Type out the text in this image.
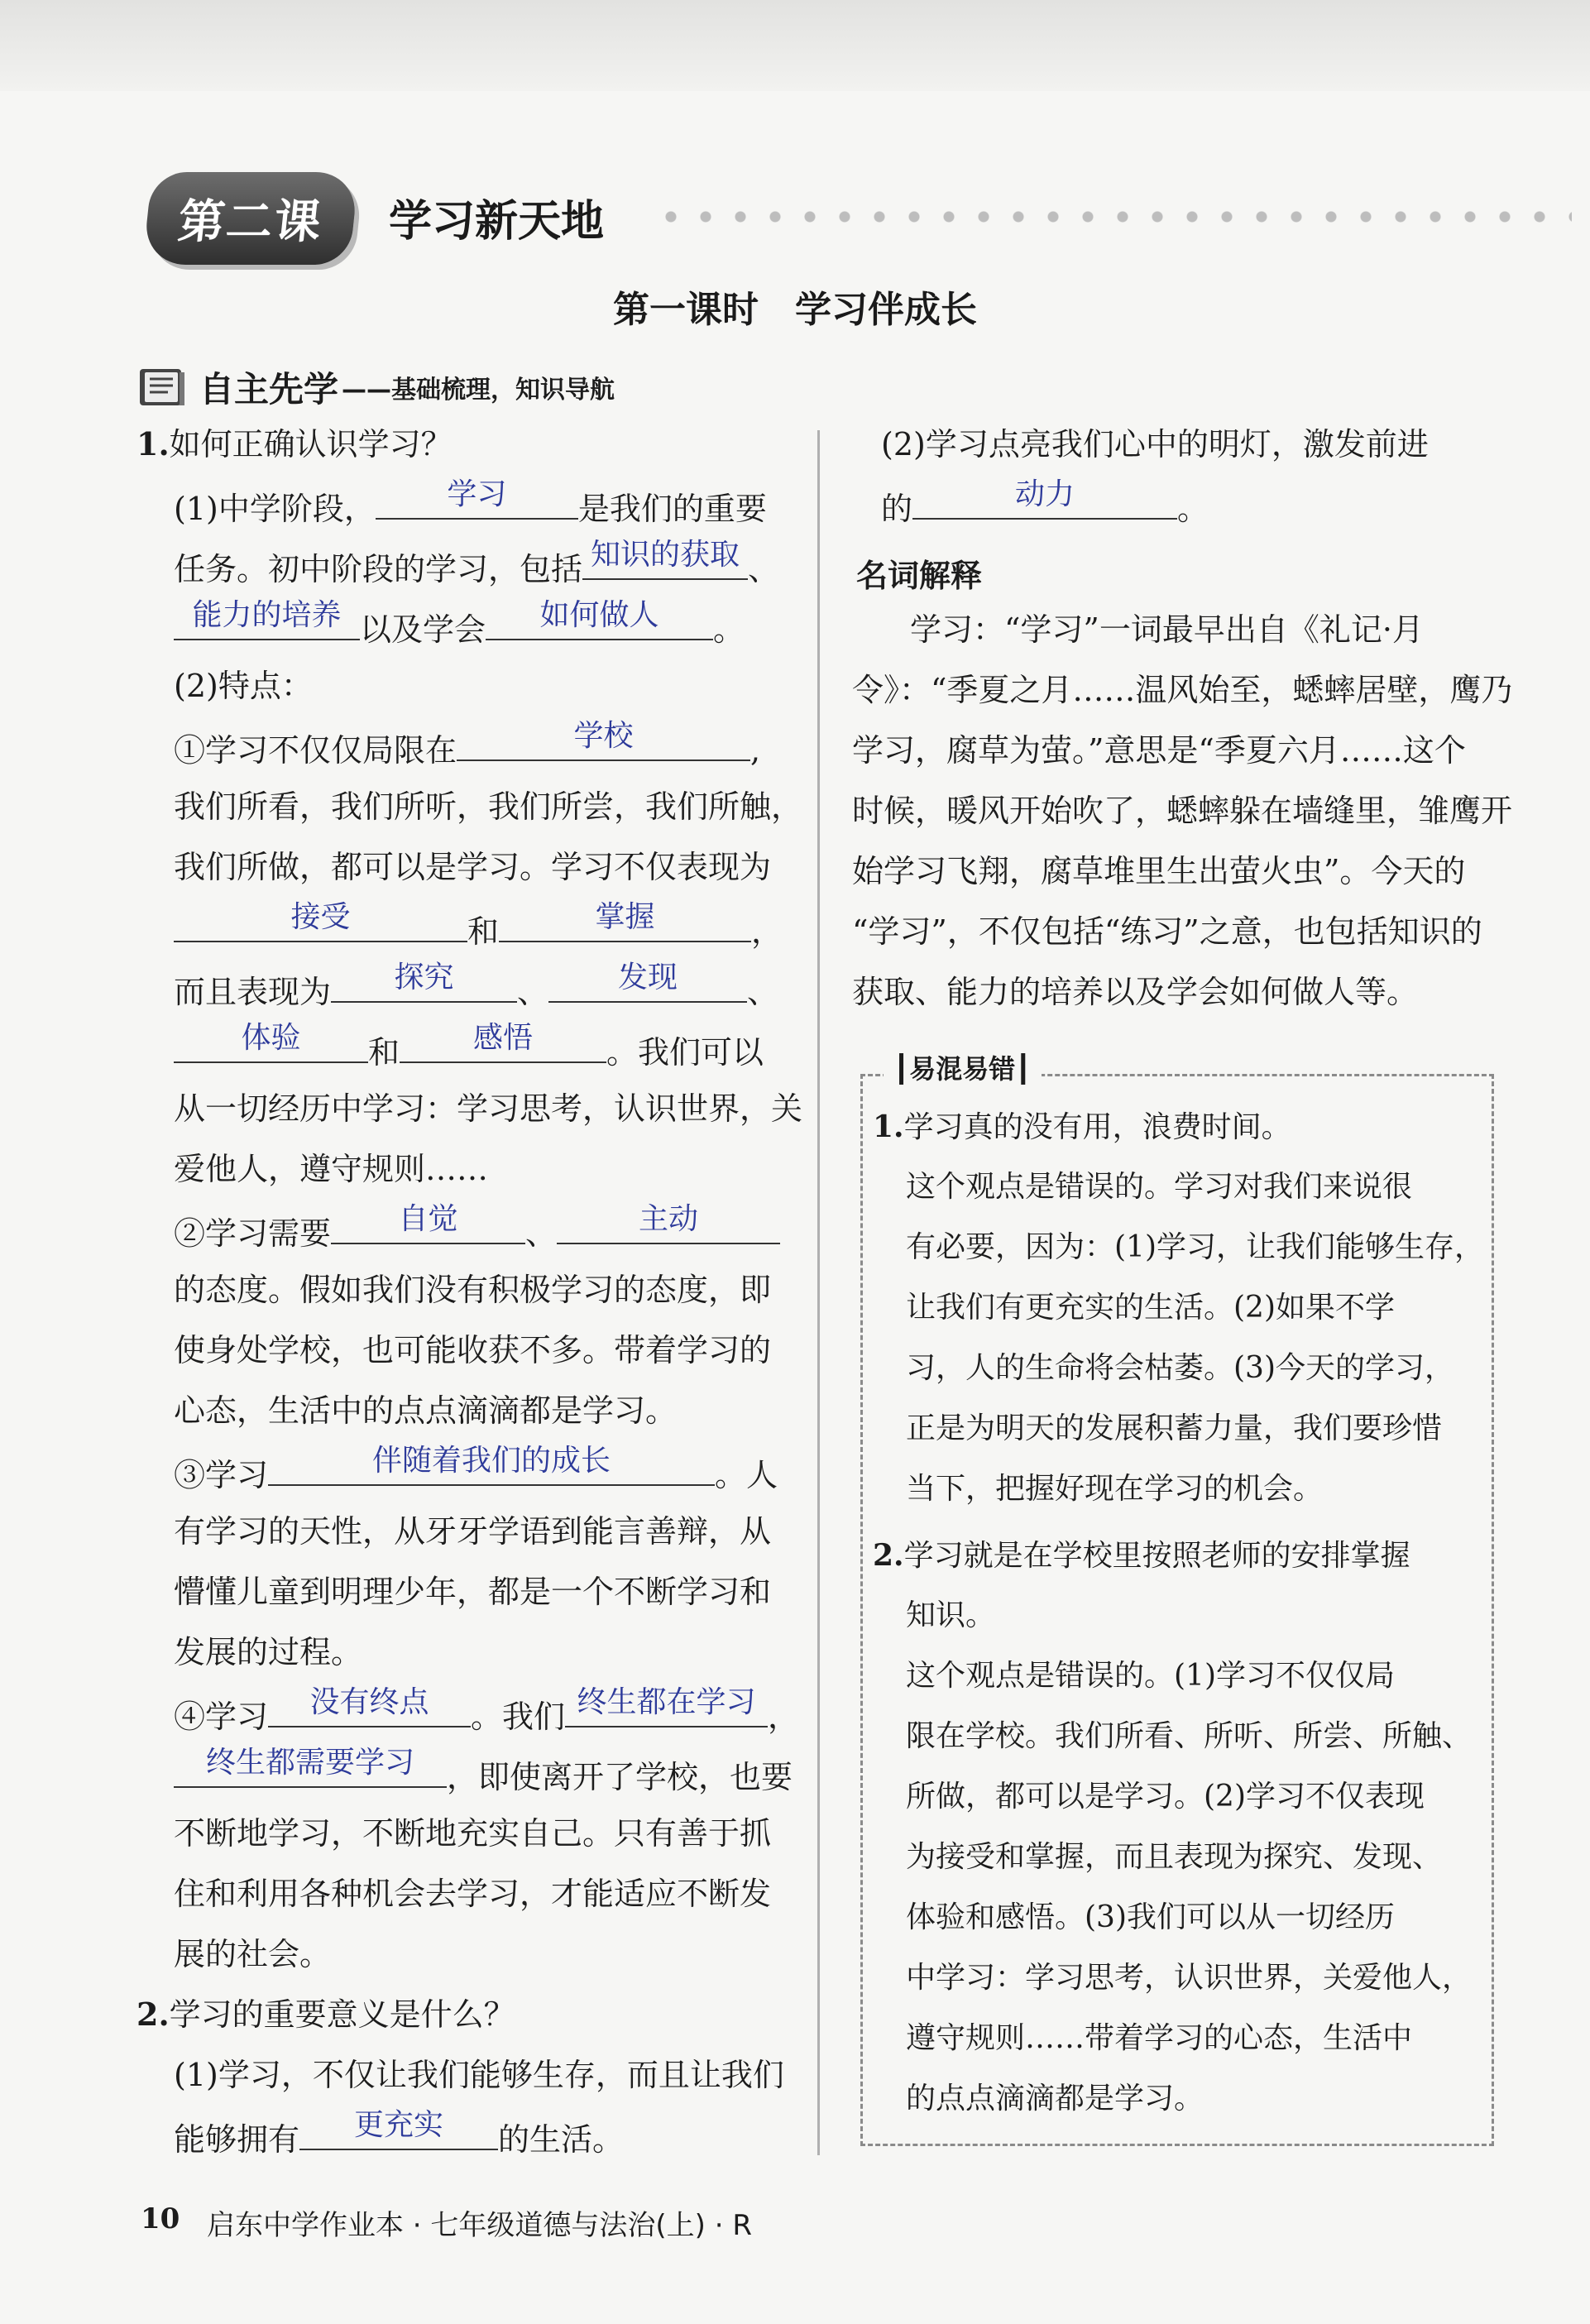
第二课 学习新天地
第一课时　学习伴成长
自主先学 ——基础梳理，知识导航
1.如何正确认识学习？
(1)中学阶段，	学习	是我们的重要
任务。初中阶段的学习，包括 知识的获取 、
能力的培养 以及学会	如何做人	。
(2)特点：
①学习不仅仅局限在	学校	,
我们所看，我们所听，我们所尝，我们所触，
我们所做，都可以是学习。学习不仅表现为
接受	和	掌握	，
而且表现为	探究	、	发现	、
体验	和	感悟	。我们可以
从一切经历中学习：学习思考，认识世界，关
爱他人，遵守规则……
②学习需要	自觉	、	主动
的态度。假如我们没有积极学习的态度，即
使身处学校，也可能收获不多。带着学习的
心态，生活中的点点滴滴都是学习。
③学习	伴随着我们的成长	。人
有学习的天性，从牙牙学语到能言善辩，从
懵懂儿童到明理少年，都是一个不断学习和
发展的过程。
④学习	没有终点	。我们 终生都在学习 ，
终生都需要学习	，即使离开了学校，也要
不断地学习，不断地充实自己。只有善于抓
住和利用各种机会去学习，才能适应不断发
展的社会。
2.学习的重要意义是什么？
(1)学习，不仅让我们能够生存，而且让我们
能够拥有	更充实	的生活。
(2)学习点亮我们心中的明灯，激发前进
的	动力	。
名词解释
学习：“学习”一词最早出自《礼记·月
令》：“季夏之月……温风始至，蟋蟀居壁，鹰乃
学习，腐草为萤。”意思是“季夏六月……这个
时候，暖风开始吹了，蟋蟀躲在墙缝里，雏鹰开
始学习飞翔，腐草堆里生出萤火虫”。今天的
“学习”，不仅包括“练习”之意，也包括知识的
获取、能力的培养以及学会如何做人等。
┃易混易错┃
1.学习真的没有用，浪费时间。
这个观点是错误的。学习对我们来说很
有必要，因为：(1)学习，让我们能够生存，
让我们有更充实的生活。(2)如果不学
习，人的生命将会枯萎。(3)今天的学习，
正是为明天的发展积蓄力量，我们要珍惜
当下，把握好现在学习的机会。
2.学习就是在学校里按照老师的安排掌握
知识。
这个观点是错误的。(1)学习不仅仅局
限在学校。我们所看、所听、所尝、所触、
所做，都可以是学习。(2)学习不仅表现
为接受和掌握，而且表现为探究、发现、
体验和感悟。(3)我们可以从一切经历
中学习：学习思考，认识世界，关爱他人，
遵守规则……带着学习的心态，生活中
的点点滴滴都是学习。
10 启东中学作业本 · 七年级道德与法治(上) · R
